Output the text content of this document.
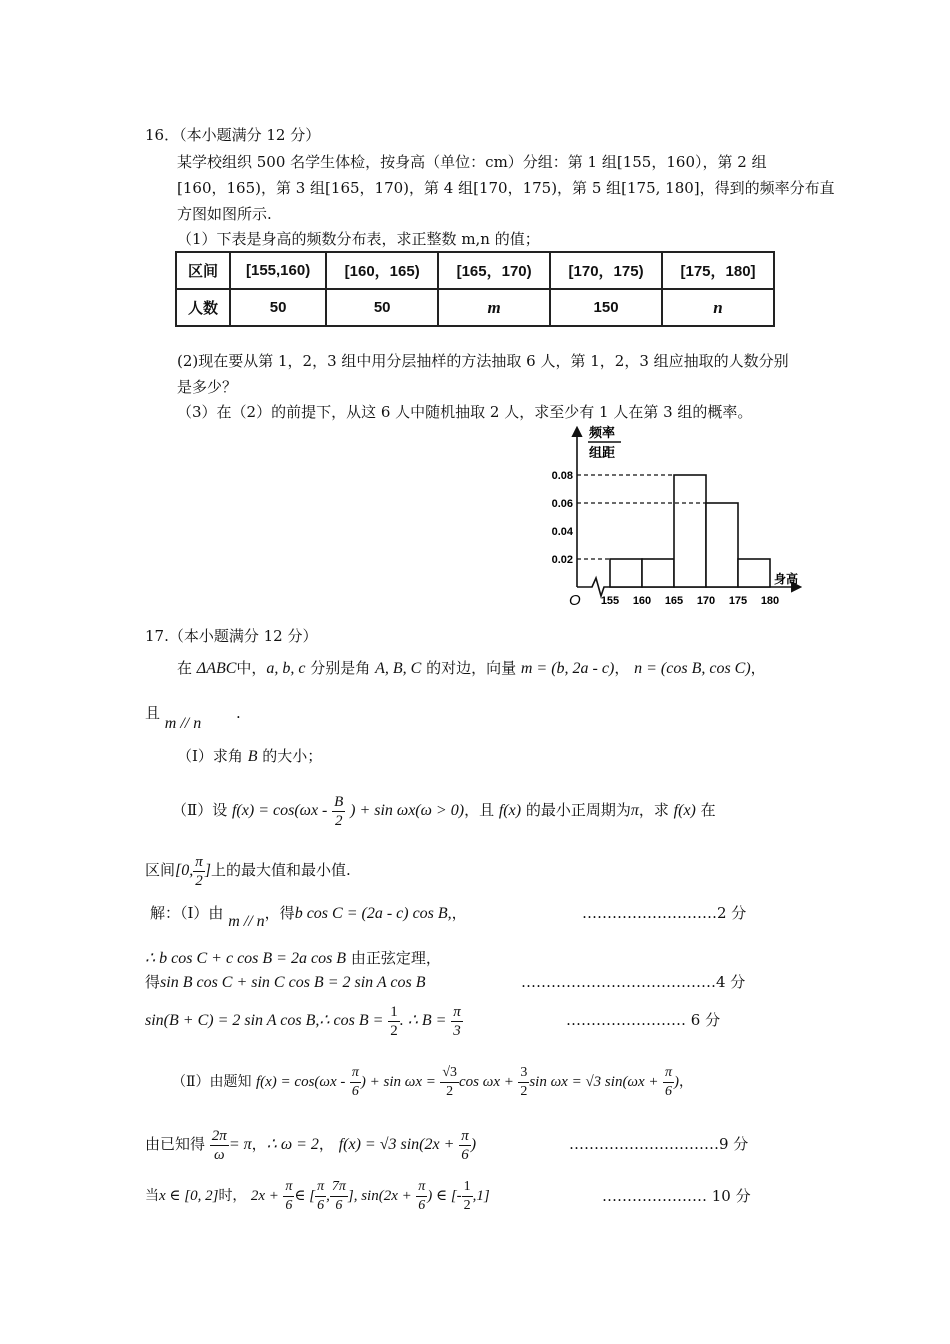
16．（本小题满分 12 分）
某学校组织 500 名学生体检，按身高（单位：cm）分组：第 1 组[155，160），第 2 组
[160，165)，第 3 组[165，170)，第 4 组[170，175)，第 5 组[175, 180]，得到的频率分布直
方图如图所示.
（1）下表是身高的频数分布表，求正整数 m,n 的值；
区间	[155,160)	[160，165)	[165，170)	[170，175)	[175，180]
人数	50	50	m	150	n
(2)现在要从第 1，2，3 组中用分层抽样的方法抽取 6 人，第 1，2，3 组应抽取的人数分别
是多少？
（3）在（2）的前提下，从这 6 人中随机抽取 2 人，求至少有 1 人在第 3 组的概率。
频率
组距
O
0.02
0.04
0.06
0.08
155 160 165 170 175 180
身高
17.（本小题满分 12 分）
在 ΔABC中，a, b, c 分别是角 A, B, C 的对边，向量 m = (b, 2a - c)， n = (cos B, cos C)，
且 m // n .
（Ⅰ）求角 B 的大小；
（Ⅱ）设 $f(x) = \cos(\omega x - \frac{B}{2}$ ) + sin ωx(ω > 0)，且 f(x) 的最小正周期为π，求 f(x) 在
区间[0, $\frac{\pi}{2}$ ]上的最大值和最小值.
解：（Ⅰ）由 m // n，得b cos C = (2a - c) cos B,，	………………………2 分
∴ b cos C + c cos B = 2a cos B 由正弦定理，
得sin B cos C + sin C cos B = 2 sin A cos B	…………………………………4 分
sin(B + C) = 2 sin A cos B,∴ $\cos B = \frac{1}{2}$ . ∴ $B = \frac{\pi}{3}$	…………………… 6 分
（Ⅱ）由题知 $f(x) = \cos(\omega x - \frac{\pi}{6}$ ) + $\sin \omega x = \frac{√3}{2}$ $\cos \omega x + \frac{3}{2}$ sin ωx = √3 $\sin(\omega x + \frac{\pi}{6}$ )，
由已知得 $\frac{2\pi}{\omega} = \pi$，∴ ω = 2， f(x) = √3 $\sin(2x + \frac{\pi}{6}$ )	…………………………9 分
当x ∈ [0, 2]时， $2x + \frac{\pi}{6}$ ∈ [ $\frac{\pi}{6}$ , $\frac{7\pi}{6}$ ], $\sin(2x + \frac{\pi}{6}$ ) ∈ [- $\frac{1}{2} ,1$]	………………… 10 分
